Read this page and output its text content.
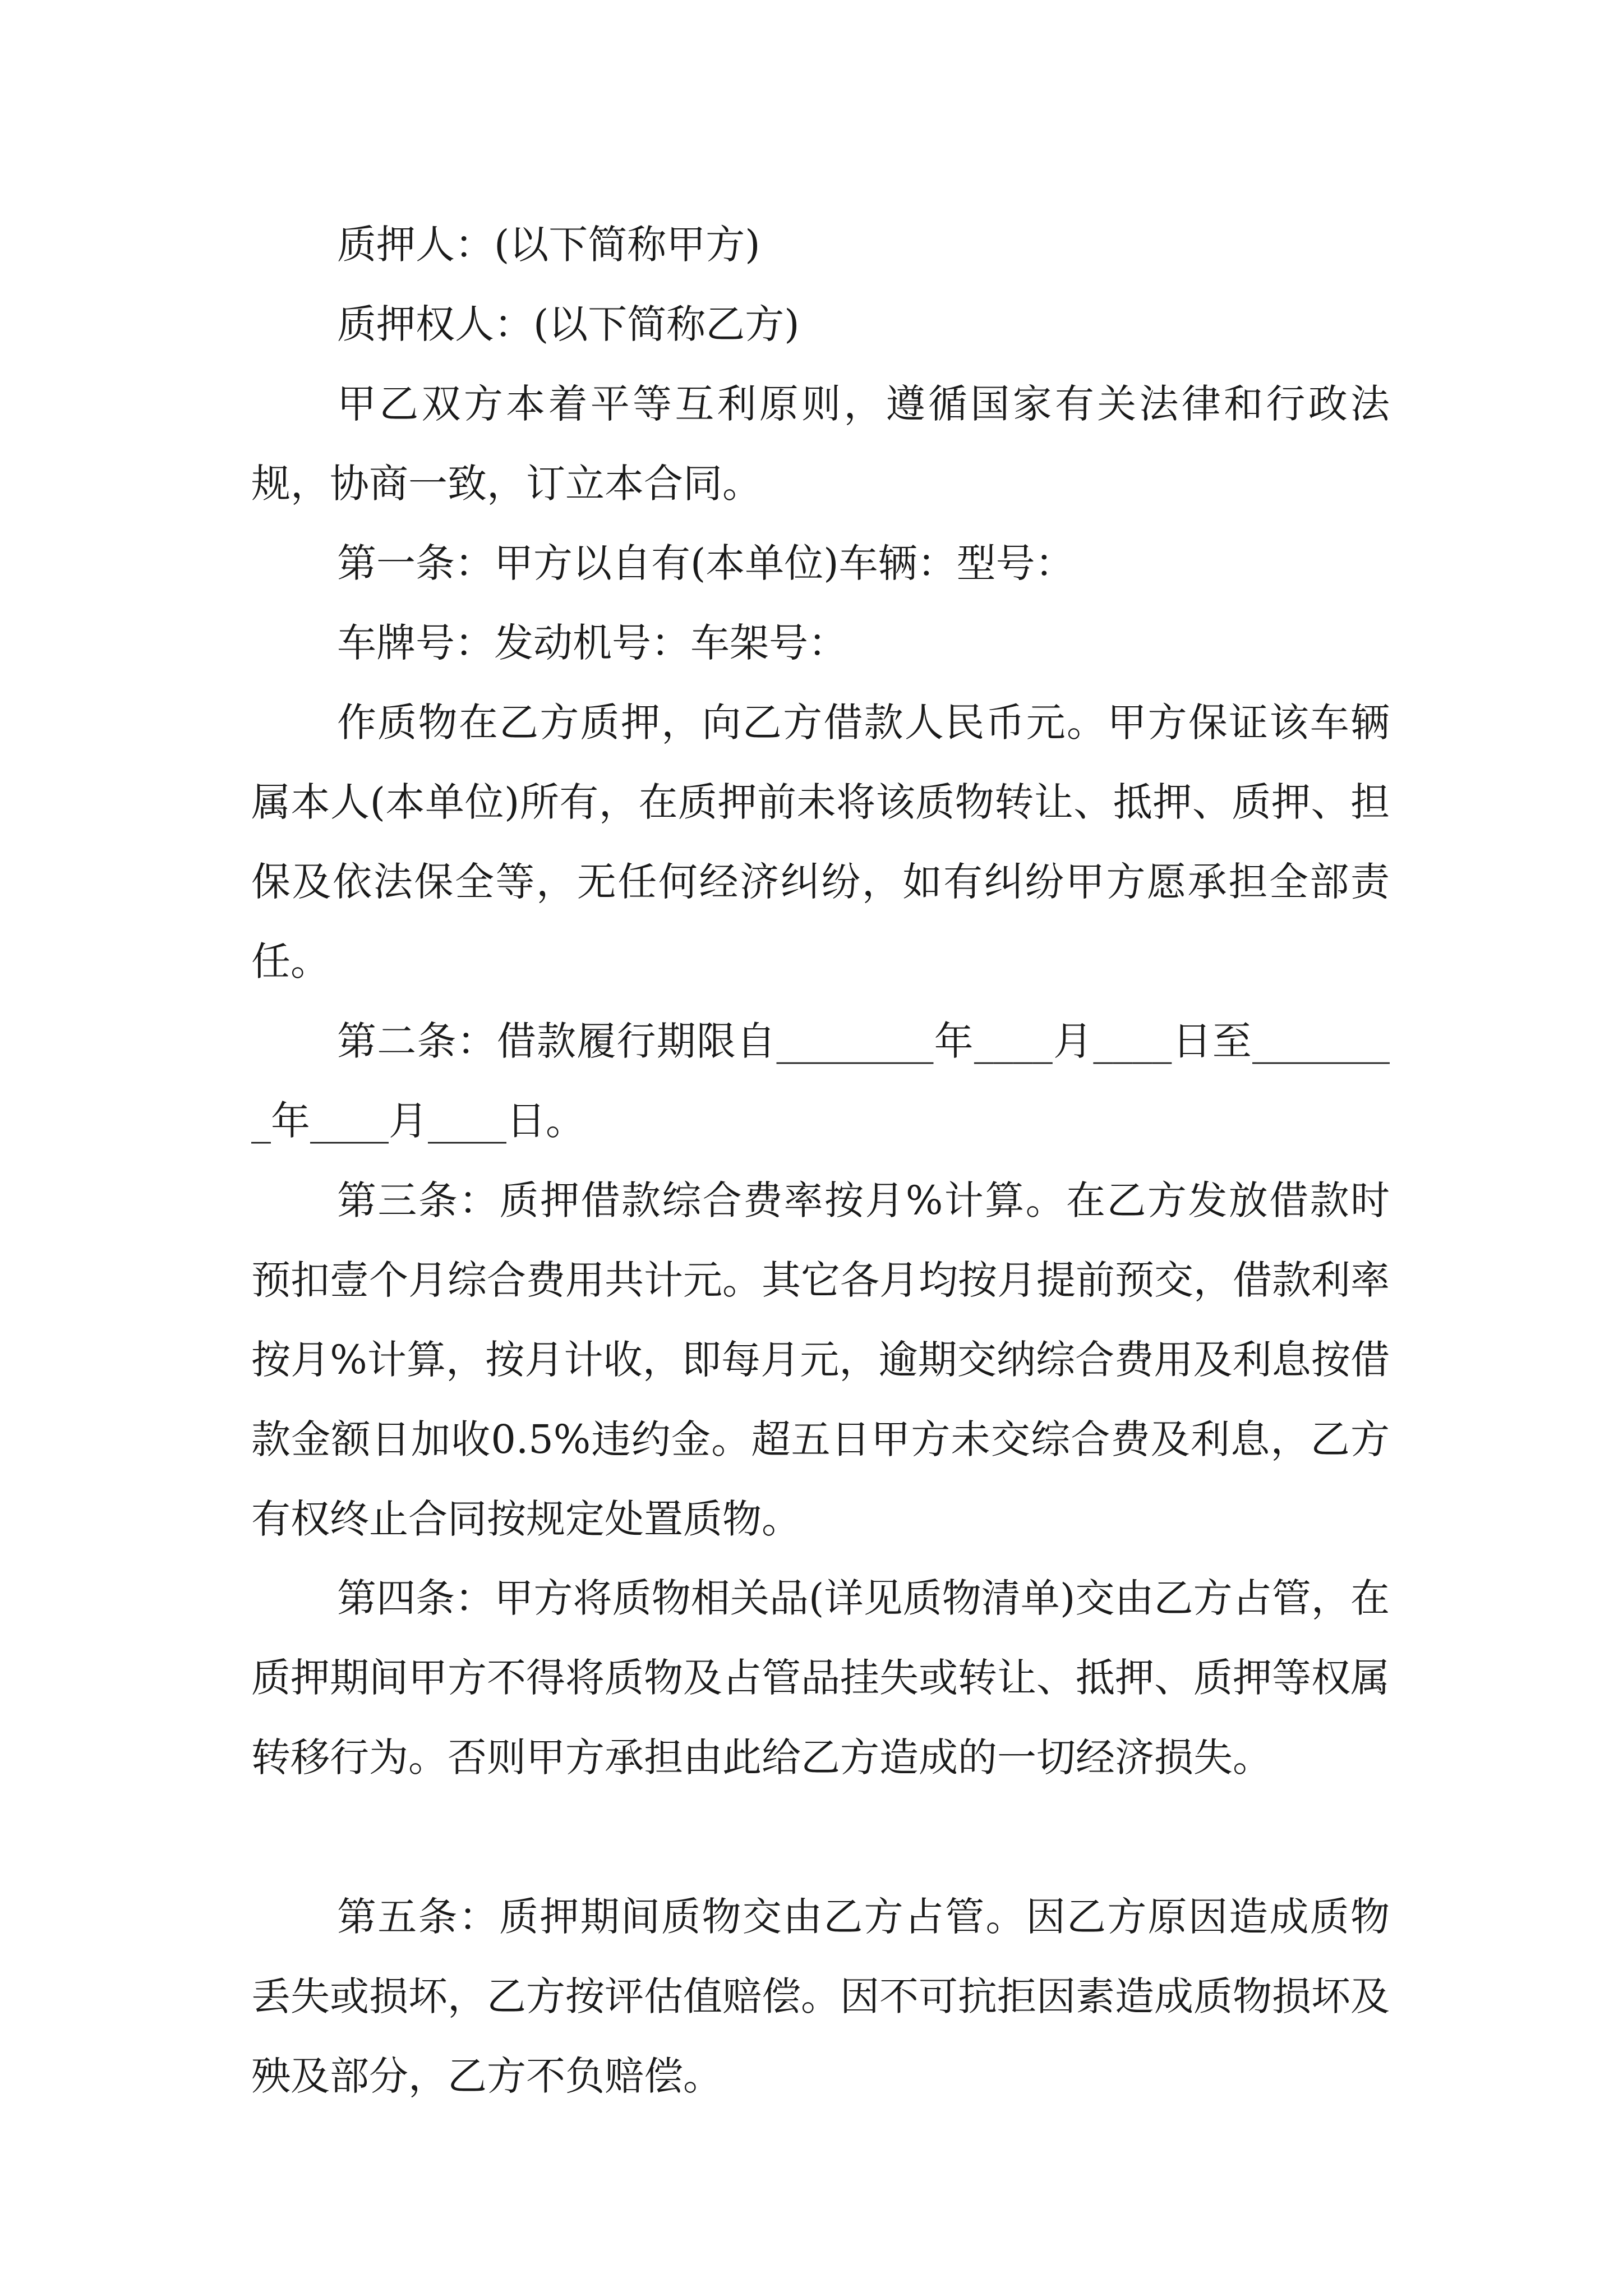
质押人：(以下简称甲方)

质押权人：(以下简称乙方)

甲乙双方本着平等互利原则，遵循国家有关法律和行政法规，协商一致，订立本合同。

第一条：甲方以自有(本单位)车辆：型号：

车牌号：发动机号：车架号：

作质物在乙方质押，向乙方借款人民币元。甲方保证该车辆属本人(本单位)所有，在质押前未将该质物转让、抵押、质押、担保及依法保全等，无任何经济纠纷，如有纠纷甲方愿承担全部责任。

第二条：借款履行期限自________年____月____日至________年____月____日。

第三条：质押借款综合费率按月%计算。在乙方发放借款时预扣壹个月综合费用共计元。其它各月均按月提前预交，借款利率按月%计算，按月计收，即每月元，逾期交纳综合费用及利息按借款金额日加收0.5%违约金。超五日甲方未交综合费及利息，乙方有权终止合同按规定处置质物。

第四条：甲方将质物相关品(详见质物清单)交由乙方占管，在质押期间甲方不得将质物及占管品挂失或转让、抵押、质押等权属转移行为。否则甲方承担由此给乙方造成的一切经济损失。

第五条：质押期间质物交由乙方占管。因乙方原因造成质物丢失或损坏，乙方按评估值赔偿。因不可抗拒因素造成质物损坏及殃及部分，乙方不负赔偿。
